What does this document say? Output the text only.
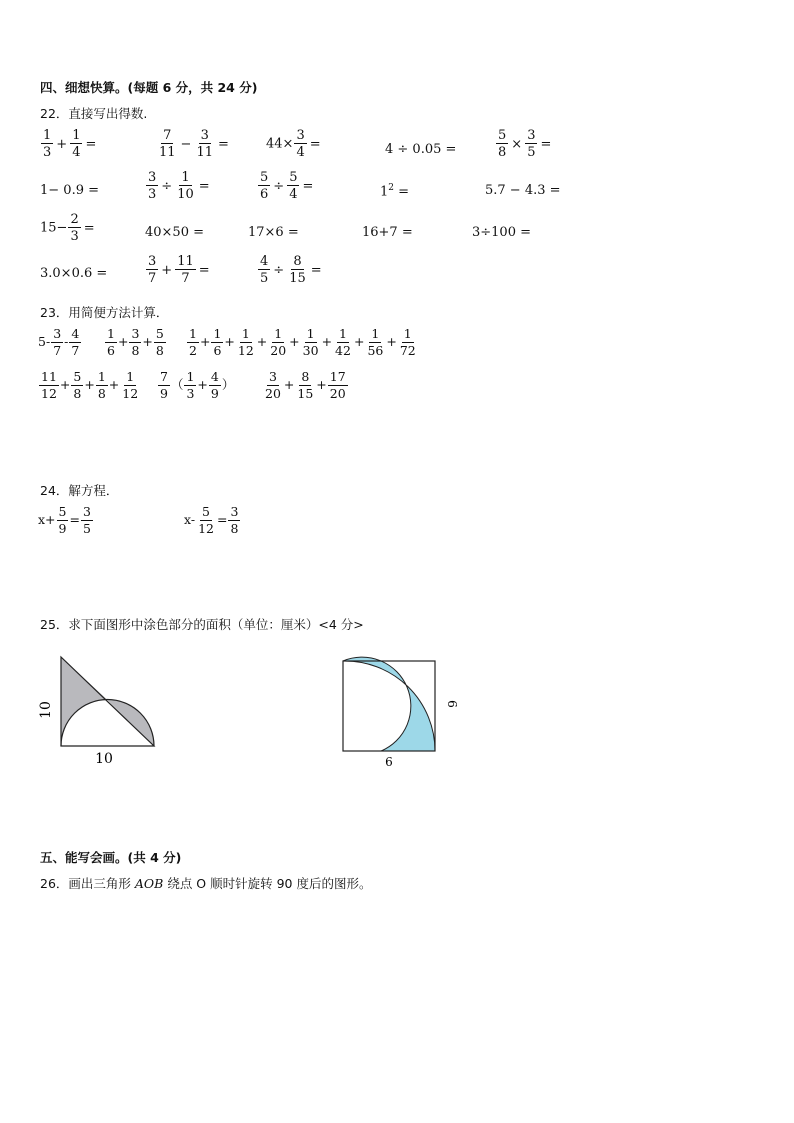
四、细想快算。(每题 6 分，共 24 分)
22．直接写出得数.
$\frac{1}{3} + \frac{1}{4}$ =	$\frac{7}{11} - \frac{3}{11}$ =	$44\times \frac{3}{4}$ =	4 ÷ 0.05 =	$\frac{5}{8} \times \frac{3}{5}$ =
1− 0.9 =	$\frac{3}{3} \div \frac{1}{10}$ =	$\frac{5}{6} \div \frac{5}{4}$ =	$1^2$ =	5.7 − 4.3 =
$15- \frac{2}{3}$ =	40×50 =	17×6 =	16+7 =	3÷100 =
3.0×0.6 =	$\frac{3}{7} + \frac{11}{7}$ =	$\frac{4}{5} \div \frac{8}{15}$ =
23．用简便方法计算．
$5- \frac{3}{7} - \frac{4}{7} \frac{1}{6} + \frac{3}{8} + \frac{5}{8} \frac{1}{2} + \frac{1}{6} + \frac{1}{12} + \frac{1}{20} + \frac{1}{30} + \frac{1}{42} + \frac{1}{56} + \frac{1}{72}$
$\frac{11}{12} + \frac{5}{8} + \frac{1}{8} + \frac{1}{12} \frac{7}{9}$ （ $\frac{1}{3} + \frac{4}{9}$ ） $\frac{3}{20} + \frac{8}{15} + \frac{17}{20}$
24．解方程．
$x+ \frac{5}{9} = \frac{3}{5}$	$x- \frac{5}{12} = \frac{3}{8}$
25．求下面图形中涂色部分的面积（单位：厘米）<4 分>
10
10
6
6
五、能写会画。(共 4 分)
26．画出三角形 AOB 绕点 O 顺时针旋转 90 度后的图形。
